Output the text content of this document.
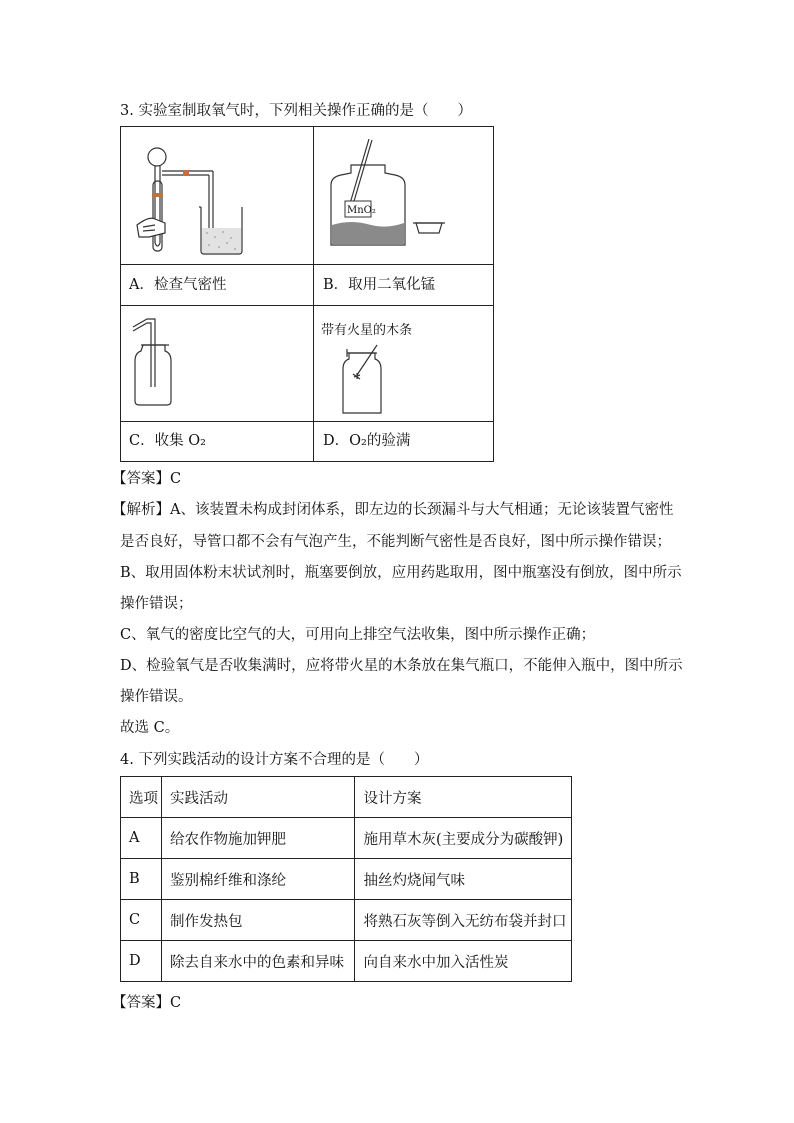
3. 实验室制取氧气时，下列相关操作正确的是（　　）
A．检查气密性
MnO₂
B．取用二氧化锰
C．收集 O₂
带有火星的木条
D．O₂的验满
【答案】C
【解析】A、该装置未构成封闭体系，即左边的长颈漏斗与大气相通；无论该装置气密性
是否良好，导管口都不会有气泡产生，不能判断气密性是否良好，图中所示操作错误；
B、取用固体粉末状试剂时，瓶塞要倒放，应用药匙取用，图中瓶塞没有倒放，图中所示
操作错误；
C、氧气的密度比空气的大，可用向上排空气法收集，图中所示操作正确；
D、检验氧气是否收集满时，应将带火星的木条放在集气瓶口，不能伸入瓶中，图中所示
操作错误。
故选 C。
4. 下列实践活动的设计方案不合理的是（　　）
选项	实践活动	设计方案
A	给农作物施加钾肥	施用草木灰(主要成分为碳酸钾)
B	鉴别棉纤维和涤纶	抽丝灼烧闻气味
C	制作发热包	将熟石灰等倒入无纺布袋并封口
D	除去自来水中的色素和异味	向自来水中加入活性炭
【答案】C
